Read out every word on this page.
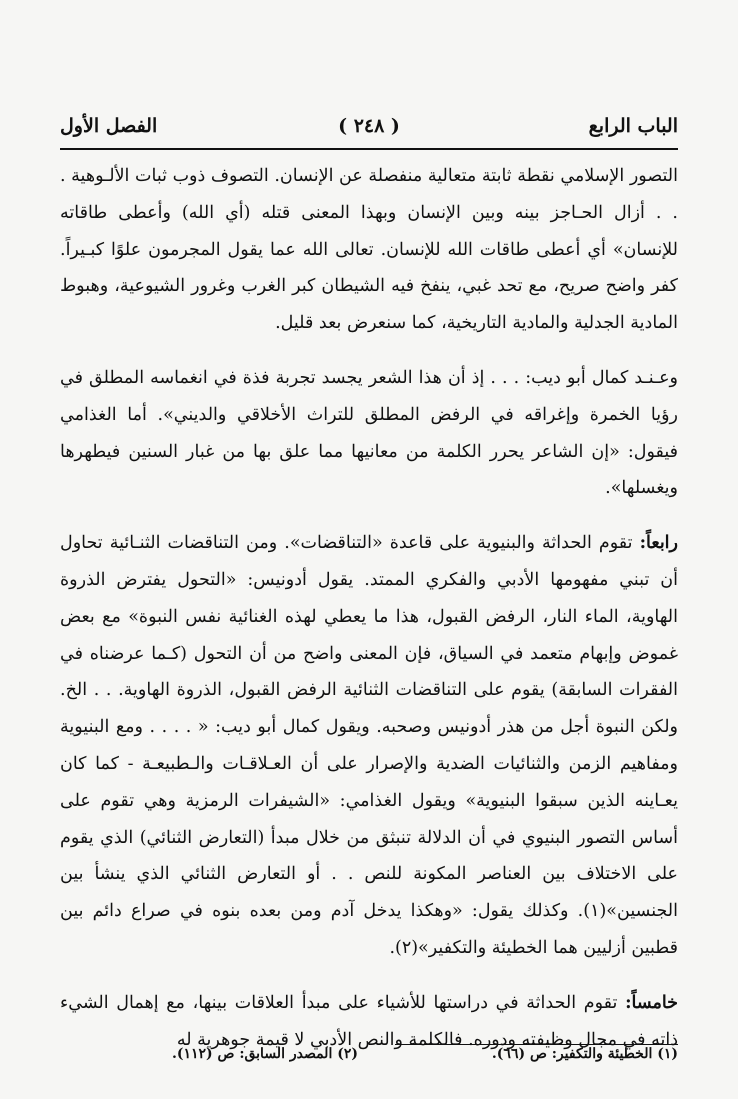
الباب الرابع
( ٢٤٨ )
الفصل الأول

التصور الإسلامي نقطة ثابتة متعالية منفصلة عن الإنسان. التصوف ذوب ثبات الألـوهية . . . أزال الحـاجز بينه وبين الإنسان وبهذا المعنى قتله (أي الله) وأعطى طاقاته للإنسان» أي أعطى طاقات الله للإنسان. تعالى الله عما يقول المجرمون علوًا كبـيراً. كفر واضح صريح، مع تحد غبي، ينفخ فيه الشيطان كبر الغرب وغرور الشيوعية، وهبوط المادية الجدلية والمادية التاريخية، كما سنعرض بعد قليل.

وعـنـد كمال أبو ديب: . . . إذ أن هذا الشعر يجسد تجربة فذة في انغماسه المطلق في رؤيا الخمرة وإغراقه في الرفض المطلق للتراث الأخلاقي والديني». أما الغذامي فيقول: «إن الشاعر يحرر الكلمة من معانيها مما علق بها من غبار السنين فيطهرها ويغسلها».

رابعاً: تقوم الحداثة والبنيوية على قاعدة «التناقضات». ومن التناقضات الثنـائية تحاول أن تبني مفهومها الأدبي والفكري الممتد. يقول أدونيس: «التحول يفترض الذروة الهاوية، الماء النار، الرفض القبول، هذا ما يعطي لهذه الغنائية نفس النبوة» مع بعض غموض وإبهام متعمد في السياق، فإن المعنى واضح من أن التحول (كـما عرضناه في الفقرات السابقة) يقوم على التناقضات الثنائية الرفض القبول، الذروة الهاوية. . . الخ. ولكن النبوة أجل من هذر أدونيس وصحبه. ويقول كمال أبو ديب: « . . . . ومع البنيوية ومفاهيم الزمن والثنائيات الضدية والإصرار على أن العـلاقـات والـطبيعـة - كما كان يعـاينه الذين سبقوا البنيوية» ويقول الغذامي: «الشيفرات الرمزية وهي تقوم على أساس التصور البنيوي في أن الدلالة تنبثق من خلال مبدأ (التعارض الثنائي) الذي يقوم على الاختلاف بين العناصر المكونة للنص . . أو التعارض الثنائي الذي ينشأ بين الجنسين»(١). وكذلك يقول: «وهكذا يدخل آدم ومن بعده بنوه في صراع دائم بين قطبين أزليين هما الخطيئة والتكفير»(٢).

خامساً: تقوم الحداثة في دراستها للأشياء على مبدأ العلاقات بينها، مع إهمال الشيء ذاته في مجال وظيفته ودوره. فالكلمة والنص الأدبي لا قيمة جوهرية له

(١) الخطيئة والتكفير: ص (٦٦).
(٢) المصدر السابق: ص (١١٢).
